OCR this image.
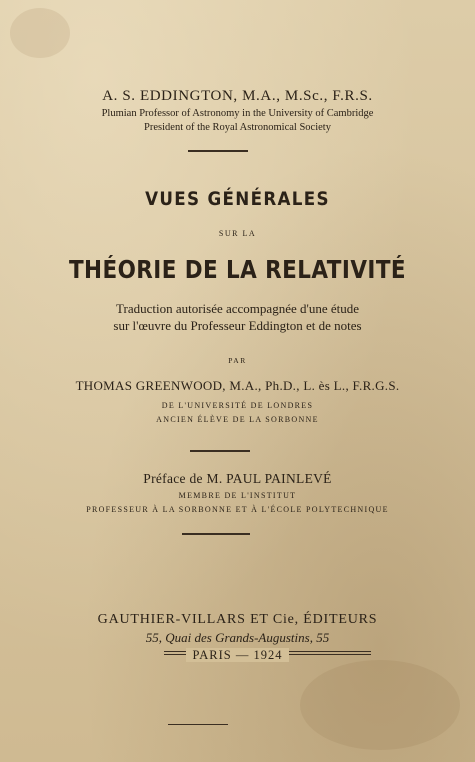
A. S. EDDINGTON, M.A., M.Sc., F.R.S.
Plumian Professor of Astronomy in the University of Cambridge
President of the Royal Astronomical Society
VUES GÉNÉRALES
SUR LA
THÉORIE DE LA RELATIVITÉ
Traduction autorisée accompagnée d'une étude
sur l'œuvre du Professeur Eddington et de notes
PAR
THOMAS GREENWOOD, M.A., Ph.D., L. ès L., F.R.G.S.
DE L'UNIVERSITÉ DE LONDRES
ANCIEN ÉLÈVE DE LA SORBONNE
Préface de M. PAUL PAINLEVÉ
MEMBRE DE L'INSTITUT
PROFESSEUR À LA SORBONNE ET À L'ÉCOLE POLYTECHNIQUE
GAUTHIER-VILLARS ET Cie, ÉDITEURS
55, Quai des Grands-Augustins, 55
PARIS — 1924
